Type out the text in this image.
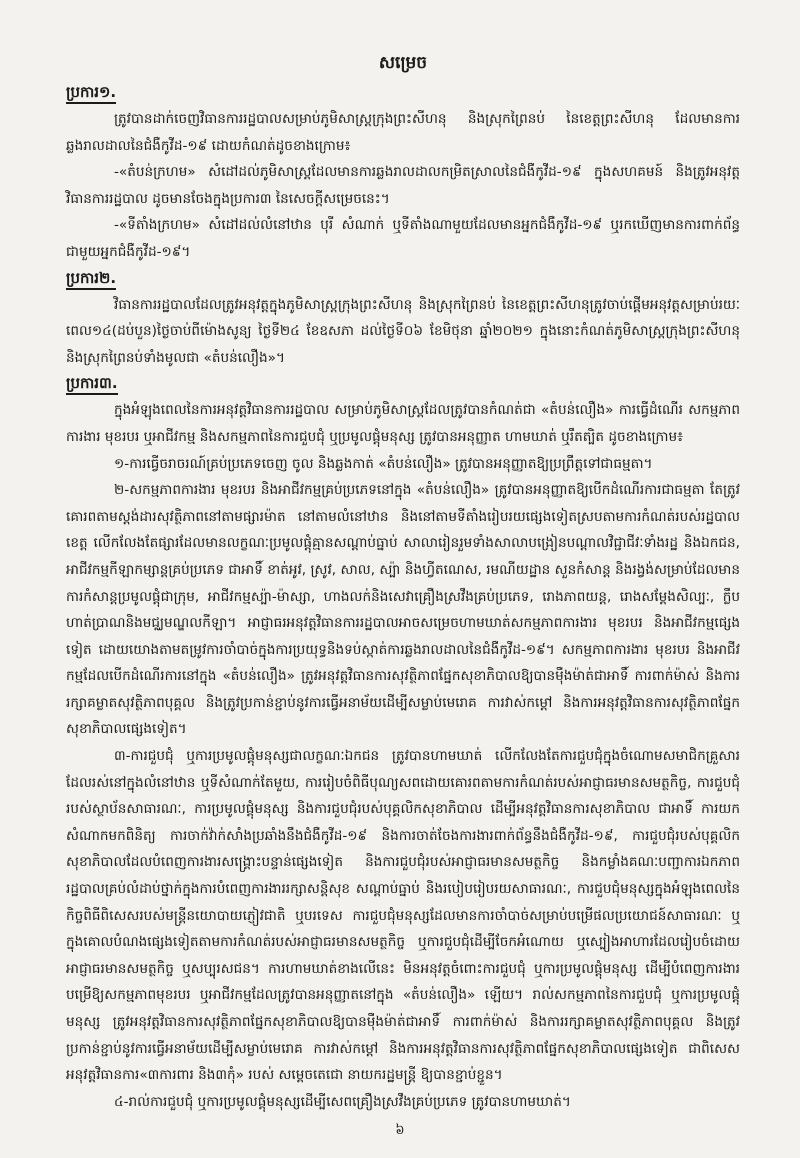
សម្រេច
ប្រការ១.

ត្រូវបានដាក់ចេញវិធានការរដ្ឋបាលសម្រាប់ភូមិសាស្ត្រក្រុងព្រះសីហនុ និងស្រុកព្រៃនប់ នៃខេត្តព្រះសីហនុ ដែលមានការឆ្លងរាលដាលនៃជំងឺកូវីដ-១៩ ដោយកំណត់ដូចខាងក្រោម៖

-«តំបន់ក្រហម» សំដៅដល់ភូមិសាស្ត្រដែលមានការឆ្លងរាលដាលកម្រិតស្រាលនៃជំងឺកូវីដ-១៩ ក្នុងសហគមន៍ និងត្រូវអនុវត្តវិធានការរដ្ឋបាល ដូចមានចែងក្នុងប្រការ៣ នៃសេចក្តីសម្រេចនេះ។

-«ទីតាំងក្រហម» សំដៅដល់លំនៅឋាន បុរី សំណាក់ ឬទីតាំងណាមួយដែលមានអ្នកជំងឺកូវីដ-១៩ ឬរកឃើញមានការពាក់ព័ន្ធជាមួយអ្នកជំងឺកូវីដ-១៩។

ប្រការ២.

វិធានការរដ្ឋបាលដែលត្រូវអនុវត្តក្នុងភូមិសាស្ត្រក្រុងព្រះសីហនុ និងស្រុកព្រៃនប់ នៃខេត្តព្រះសីហនុត្រូវចាប់ផ្តើមអនុវត្តសម្រាប់រយៈពេល១៤(ដប់បួន)ថ្ងៃចាប់ពីម៉ោងសូន្យ ថ្ងៃទី២៤ ខែឧសភា ដល់ថ្ងៃទី០៦ ខែមិថុនា ឆ្នាំ២០២១ ក្នុងនោះកំណត់ភូមិសាស្ត្រក្រុងព្រះសីហនុ និងស្រុកព្រៃនប់ទាំងមូលជា «តំបន់លឿង»។

ប្រការ៣.

ក្នុងអំឡុងពេលនៃការអនុវត្តវិធានការរដ្ឋបាល សម្រាប់ភូមិសាស្ត្រដែលត្រូវបានកំណត់ជា «តំបន់លឿង» ការធ្វើដំណើរ សកម្មភាពការងារ មុខរបរ ឬអាជីវកម្ម និងសកម្មភាពនៃការជួបជុំ ឬប្រមូលផ្តុំមនុស្ស ត្រូវបានអនុញ្ញាត ហាមឃាត់ ឬរឹតត្បិត ដូចខាងក្រោម៖

១-ការធ្វើចរាចរណ៍គ្រប់ប្រភេទចេញ ចូល និងឆ្លងកាត់ «តំបន់លឿង» ត្រូវបានអនុញ្ញាតឱ្យប្រព្រឹត្តទៅជាធម្មតា។

២-សកម្មភាពការងារ មុខរបរ និងអាជីវកម្មគ្រប់ប្រភេទនៅក្នុង «តំបន់លឿង» ត្រូវបានអនុញ្ញាតឱ្យបើកដំណើរការជាធម្មតា តែត្រូវគោរពតាមស្តង់ដារសុវត្ថិភាពនៅតាមផ្សារម៉ាត នៅតាមលំនៅឋាន និងនៅតាមទីតាំងរៀបរយផ្សេងទៀតស្របតាមការកំណត់របស់រដ្ឋបាលខេត្ត លើកលែងតែផ្សារដែលមានលក្ខណៈប្រមូលផ្តុំគ្មានសណ្តាប់ធ្នាប់ សាលារៀនរួមទាំងសាលាបង្រៀនបណ្តាលវិជ្ជាជីវៈទាំងរដ្ឋ និងឯកជន, អាជីវកម្មកីឡាកម្សាន្តគ្រប់ប្រភេទ ជាអាទិ៍ ខាត់អូវ, ស្រូវ, សាល, ស្ប៉ា និងហ្វីតណេស, រមណីយដ្ឋាន សួនកំសាន្ត និងរង្វង់សម្រាប់ដែលមានការកំសាន្តប្រមូលផ្តុំជាក្រុម, អាជីវកម្មស្ប៉ា-ម៉ាស្សា, ហាងលក់និងសេវាគ្រឿងស្រវឹងគ្រប់ប្រភេទ, រោងភាពយន្ត, រោងសម្តែងសិល្បៈ, ក្លឹបហាត់ប្រាណនិងមជ្ឈមណ្ឌលកីឡា។ អាជ្ញាធរអនុវត្តវិធានការរដ្ឋបាលអាចសម្រេចហាមឃាត់សកម្មភាពការងារ មុខរបរ និងអាជីវកម្មផ្សេងទៀត ដោយយោងតាមតម្រូវការចាំបាច់ក្នុងការប្រយុទ្ធនិងទប់ស្កាត់ការឆ្លងរាលដាលនៃជំងឺកូវីដ-១៩។ សកម្មភាពការងារ មុខរបរ និងអាជីវកម្មដែលបើកដំណើរការនៅក្នុង «តំបន់លឿង» ត្រូវអនុវត្តវិធានការសុវត្ថិភាពផ្នែកសុខាភិបាលឱ្យបានម៉ឺងម៉ាត់ជាអាទិ៍ ការពាក់ម៉ាស់ និងការរក្សាគម្លាតសុវត្ថិភាពបុគ្គល និងត្រូវប្រកាន់ខ្ជាប់នូវការធ្វើអនាម័យដើម្បីសម្លាប់មេរោគ ការវាស់កម្តៅ និងការអនុវត្តវិធានការសុវត្ថិភាពផ្នែកសុខាភិបាលផ្សេងទៀត។

៣-ការជួបជុំ ឬការប្រមូលផ្តុំមនុស្សជាលក្ខណៈឯកជន ត្រូវបានហាមឃាត់ លើកលែងតែការជួបជុំក្នុងចំណោមសមាជិកគ្រួសារដែលរស់នៅក្នុងលំនៅឋាន ឬទីសំណាក់តែមួយ, ការរៀបចំពិធីបុណ្យសពដោយគោរពតាមការកំណត់របស់អាជ្ញាធរមានសមត្ថកិច្ច, ការជួបជុំរបស់ស្ថាប័នសាធារណៈ, ការប្រមូលផ្តុំមនុស្ស និងការជួបជុំរបស់បុគ្គលិកសុខាភិបាល ដើម្បីអនុវត្តវិធានការសុខាភិបាល ជាអាទិ៍ ការយកសំណាកមកពិនិត្យ ការចាក់វ៉ាក់សាំងប្រឆាំងនឹងជំងឺកូវីដ-១៩ និងការចាត់ចែងការងារពាក់ព័ន្ធនឹងជំងឺកូវីដ-១៩, ការជួបជុំរបស់បុគ្គលិកសុខាភិបាលដែលបំពេញការងារសង្គ្រោះបន្ទាន់ផ្សេងទៀត និងការជួបជុំរបស់អាជ្ញាធរមានសមត្ថកិច្ច និងកម្លាំងគណៈបញ្ជាការឯកភាពរដ្ឋបាលគ្រប់លំដាប់ថ្នាក់ក្នុងការបំពេញការងាររក្សាសន្តិសុខ សណ្តាប់ធ្នាប់ និងរបៀបរៀបរយសាធារណៈ, ការជួបជុំមនុស្សក្នុងអំឡុងពេលនៃកិច្ចពិធីពិសេសរបស់មន្ត្រីនយោបាយភ្ញៀវជាតិ ឬបរទេស ការជួបជុំមនុស្សដែលមានការចាំបាច់សម្រាប់បម្រើផលប្រយោជន៍សាធារណៈ ឬក្នុងគោលបំណងផ្សេងទៀតតាមការកំណត់របស់អាជ្ញាធរមានសមត្ថកិច្ច ឬការជួបជុំដើម្បីចែកអំណោយ ឬស្បៀងអាហារដែលរៀបចំដោយអាជ្ញាធរមានសមត្ថកិច្ច ឬសប្បុរសជន។ ការហាមឃាត់ខាងលើនេះ មិនអនុវត្តចំពោះការជួបជុំ ឬការប្រមូលផ្តុំមនុស្ស ដើម្បីបំពេញការងារបម្រើឱ្យសកម្មភាពមុខរបរ ឬអាជីវកម្មដែលត្រូវបានអនុញ្ញាតនៅក្នុង «តំបន់លឿង» ឡើយ។ រាល់សកម្មភាពនៃការជួបជុំ ឬការប្រមូលផ្តុំមនុស្ស ត្រូវអនុវត្តវិធានការសុវត្ថិភាពផ្នែកសុខាភិបាលឱ្យបានម៉ឺងម៉ាត់ជាអាទិ៍ ការពាក់ម៉ាស់ និងការរក្សាគម្លាតសុវត្ថិភាពបុគ្គល និងត្រូវប្រកាន់ខ្ជាប់នូវការធ្វើអនាម័យដើម្បីសម្លាប់មេរោគ ការវាស់កម្តៅ និងការអនុវត្តវិធានការសុវត្ថិភាពផ្នែកសុខាភិបាលផ្សេងទៀត ជាពិសេសអនុវត្តវិធានការ«៣ការពារ និង៣កុំ» របស់ សម្តេចតេជោ នាយករដ្ឋមន្ត្រី ឱ្យបានខ្ជាប់ខ្ជួន។

៤-រាល់ការជួបជុំ ឬការប្រមូលផ្តុំមនុស្សដើម្បីសេពគ្រឿងស្រវឹងគ្រប់ប្រភេទ ត្រូវបានហាមឃាត់។

៦
